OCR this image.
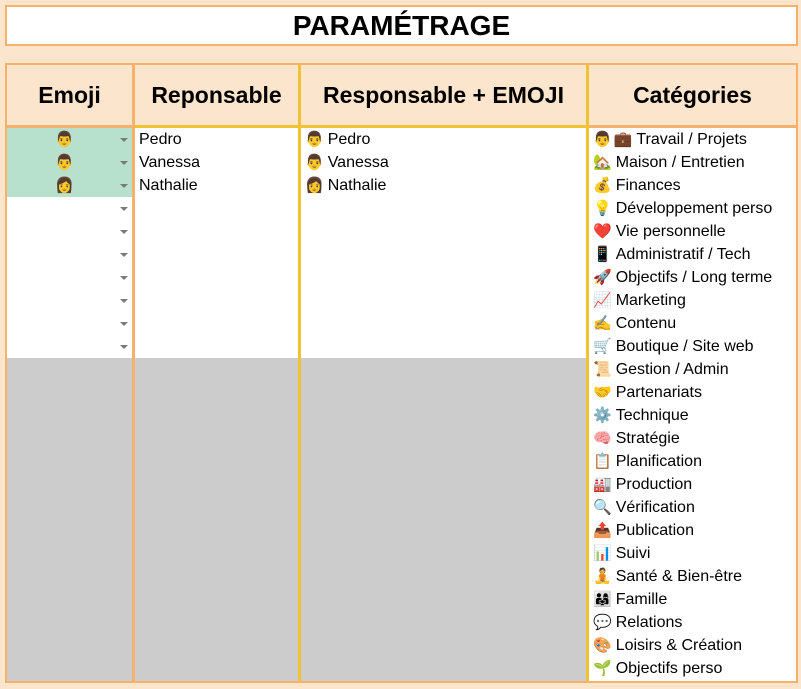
PARAMÉTRAGE
Emoji
👨
👨
👩
Reponsable
Pedro
Vanessa
Nathalie
Responsable + EMOJI
👨 Pedro
👨 Vanessa
👩 Nathalie
Catégories
👨 💼 Travail / Projets
🏡 Maison / Entretien
💰 Finances
💡 Développement perso
❤️ Vie personnelle
📱 Administratif / Tech
🚀 Objectifs / Long terme
📈 Marketing
✍️ Contenu
🛒 Boutique / Site web
📜 Gestion / Admin
🤝 Partenariats
⚙️ Technique
🧠 Stratégie
📋 Planification
🏭 Production
🔍 Vérification
📤 Publication
📊 Suivi
🧘 Santé & Bien-être
👨‍👩‍👧 Famille
💬 Relations
🎨 Loisirs & Création
🌱 Objectifs perso
